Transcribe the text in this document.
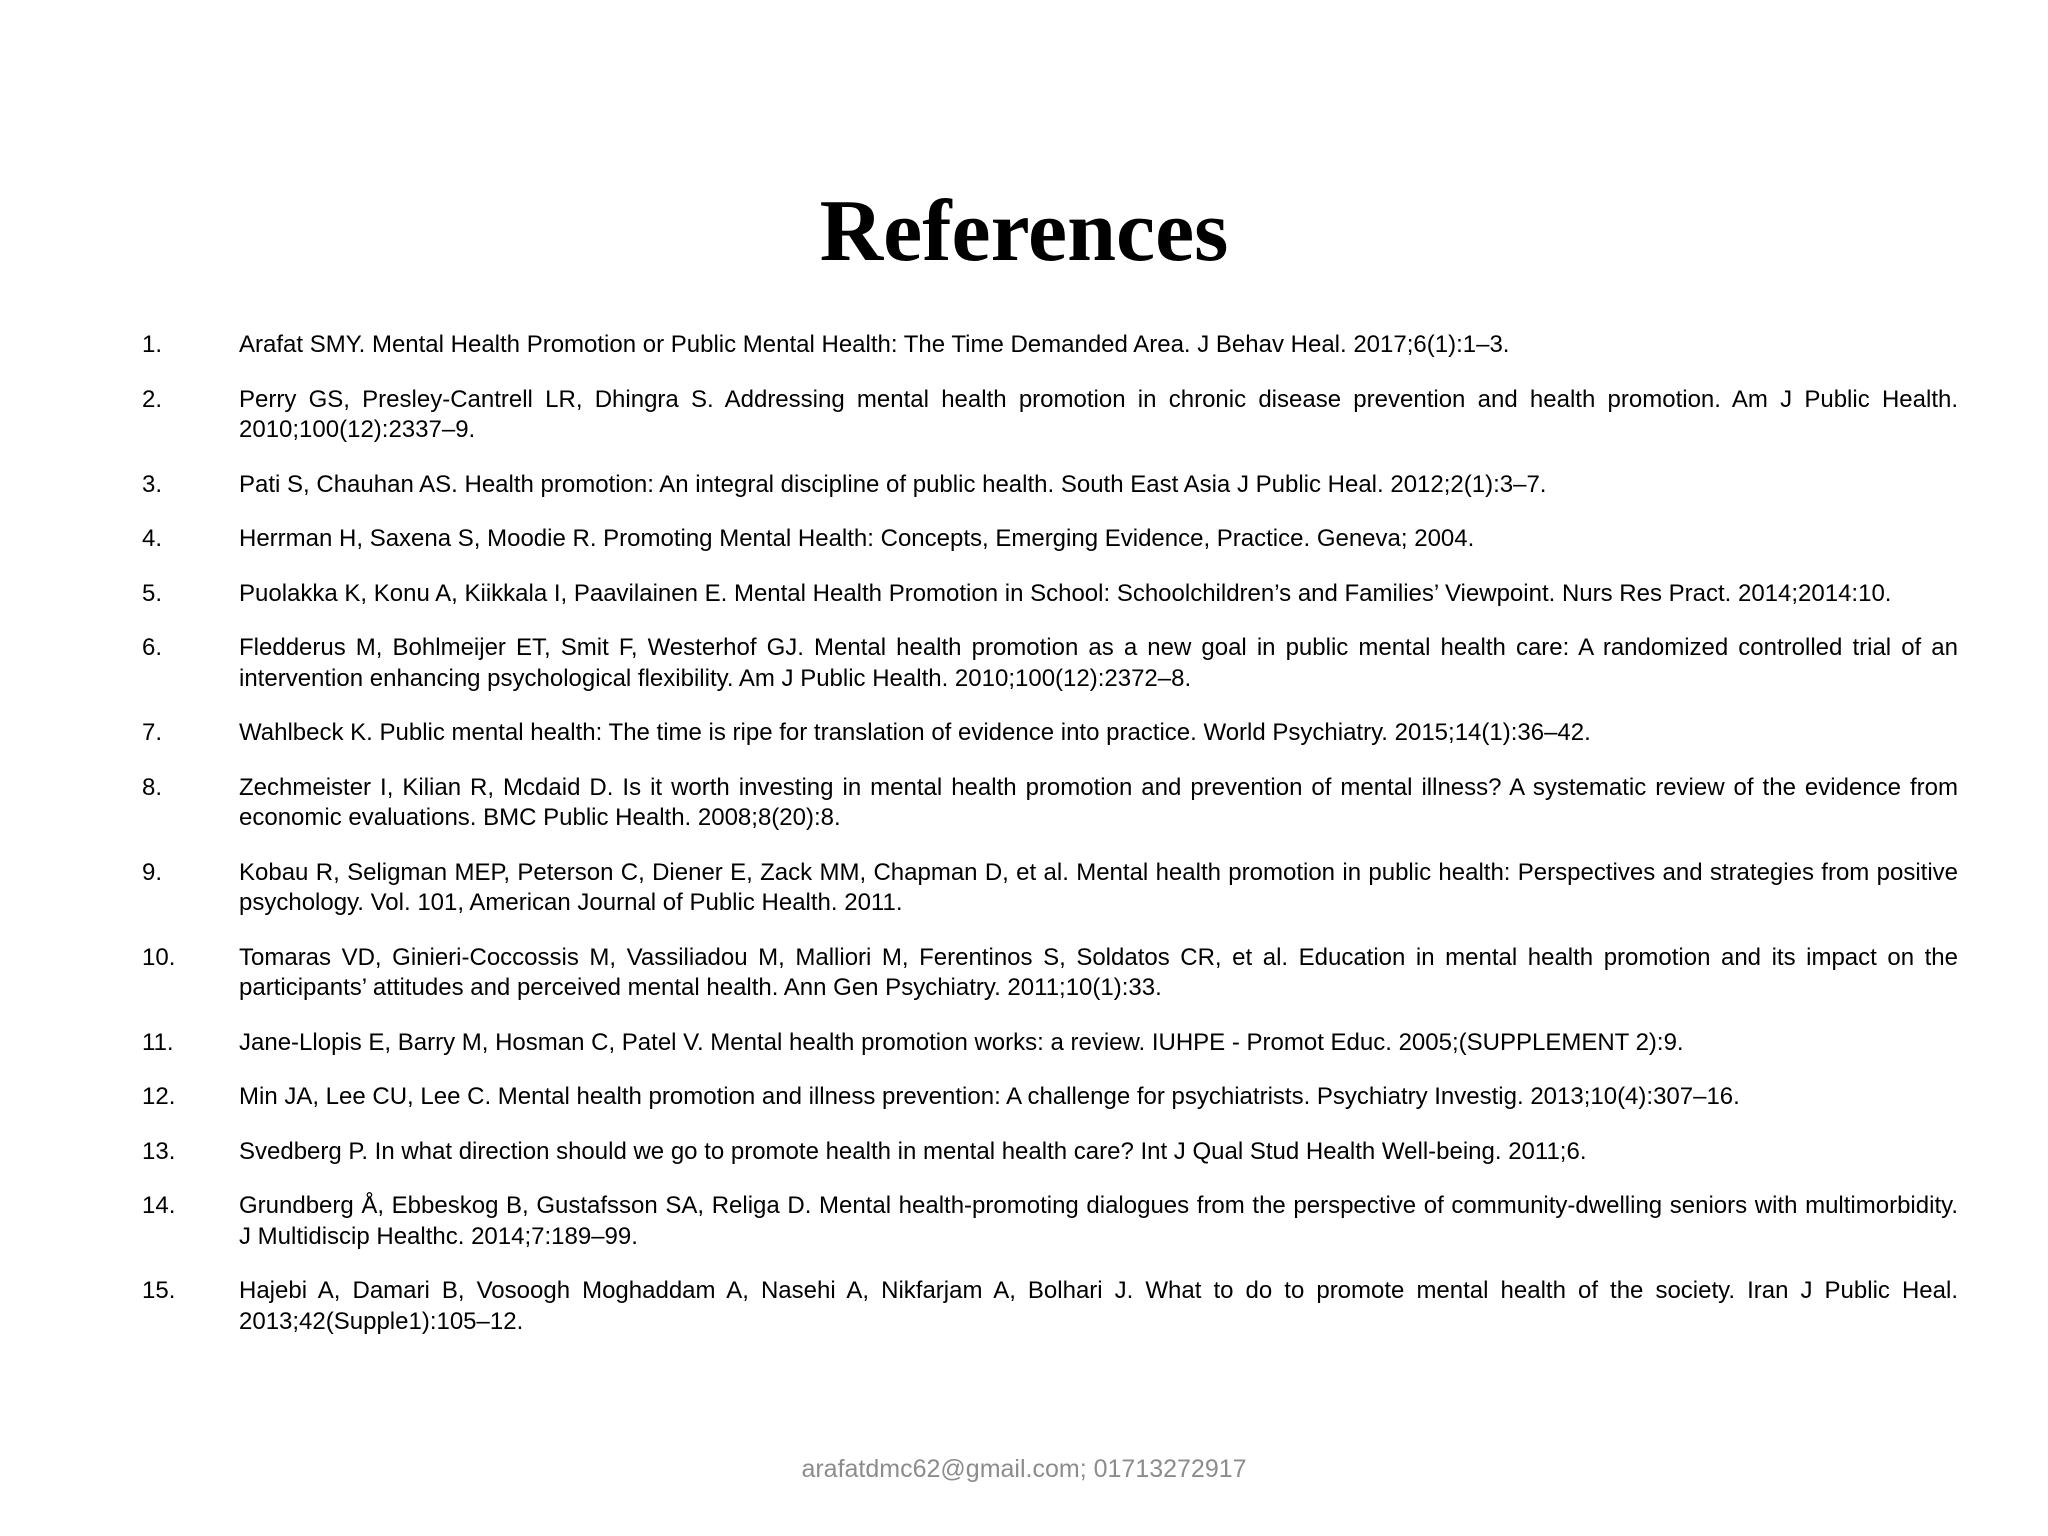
References
1.	Arafat SMY. Mental Health Promotion or Public Mental Health: The Time Demanded Area. J Behav Heal. 2017;6(1):1–3.
2.	Perry GS, Presley-Cantrell LR, Dhingra S. Addressing mental health promotion in chronic disease prevention and health promotion. Am J Public Health. 2010;100(12):2337–9.
3.	Pati S, Chauhan AS. Health promotion: An integral discipline of public health. South East Asia J Public Heal. 2012;2(1):3–7.
4.	Herrman H, Saxena S, Moodie R. Promoting Mental Health: Concepts, Emerging Evidence, Practice. Geneva; 2004.
5.	Puolakka K, Konu A, Kiikkala I, Paavilainen E. Mental Health Promotion in School: Schoolchildren’s and Families’ Viewpoint. Nurs Res Pract. 2014;2014:10.
6.	Fledderus M, Bohlmeijer ET, Smit F, Westerhof GJ. Mental health promotion as a new goal in public mental health care: A randomized controlled trial of an intervention enhancing psychological flexibility. Am J Public Health. 2010;100(12):2372–8.
7.	Wahlbeck K. Public mental health: The time is ripe for translation of evidence into practice. World Psychiatry. 2015;14(1):36–42.
8.	Zechmeister I, Kilian R, Mcdaid D. Is it worth investing in mental health promotion and prevention of mental illness? A systematic review of the evidence from economic evaluations. BMC Public Health. 2008;8(20):8.
9.	Kobau R, Seligman MEP, Peterson C, Diener E, Zack MM, Chapman D, et al. Mental health promotion in public health: Perspectives and strategies from positive psychology. Vol. 101, American Journal of Public Health. 2011.
10.	Tomaras VD, Ginieri-Coccossis M, Vassiliadou M, Malliori M, Ferentinos S, Soldatos CR, et al. Education in mental health promotion and its impact on the participants’ attitudes and perceived mental health. Ann Gen Psychiatry. 2011;10(1):33.
11.	Jane-Llopis E, Barry M, Hosman C, Patel V. Mental health promotion works: a review. IUHPE - Promot Educ. 2005;(SUPPLEMENT 2):9.
12.	Min JA, Lee CU, Lee C. Mental health promotion and illness prevention: A challenge for psychiatrists. Psychiatry Investig. 2013;10(4):307–16.
13.	Svedberg P. In what direction should we go to promote health in mental health care? Int J Qual Stud Health Well-being. 2011;6.
14.	Grundberg Å, Ebbeskog B, Gustafsson SA, Religa D. Mental health-promoting dialogues from the perspective of community-dwelling seniors with multimorbidity. J Multidiscip Healthc. 2014;7:189–99.
15.	Hajebi A, Damari B, Vosoogh Moghaddam A, Nasehi A, Nikfarjam A, Bolhari J. What to do to promote mental health of the society. Iran J Public Heal. 2013;42(Supple1):105–12.
arafatdmc62@gmail.com; 01713272917
